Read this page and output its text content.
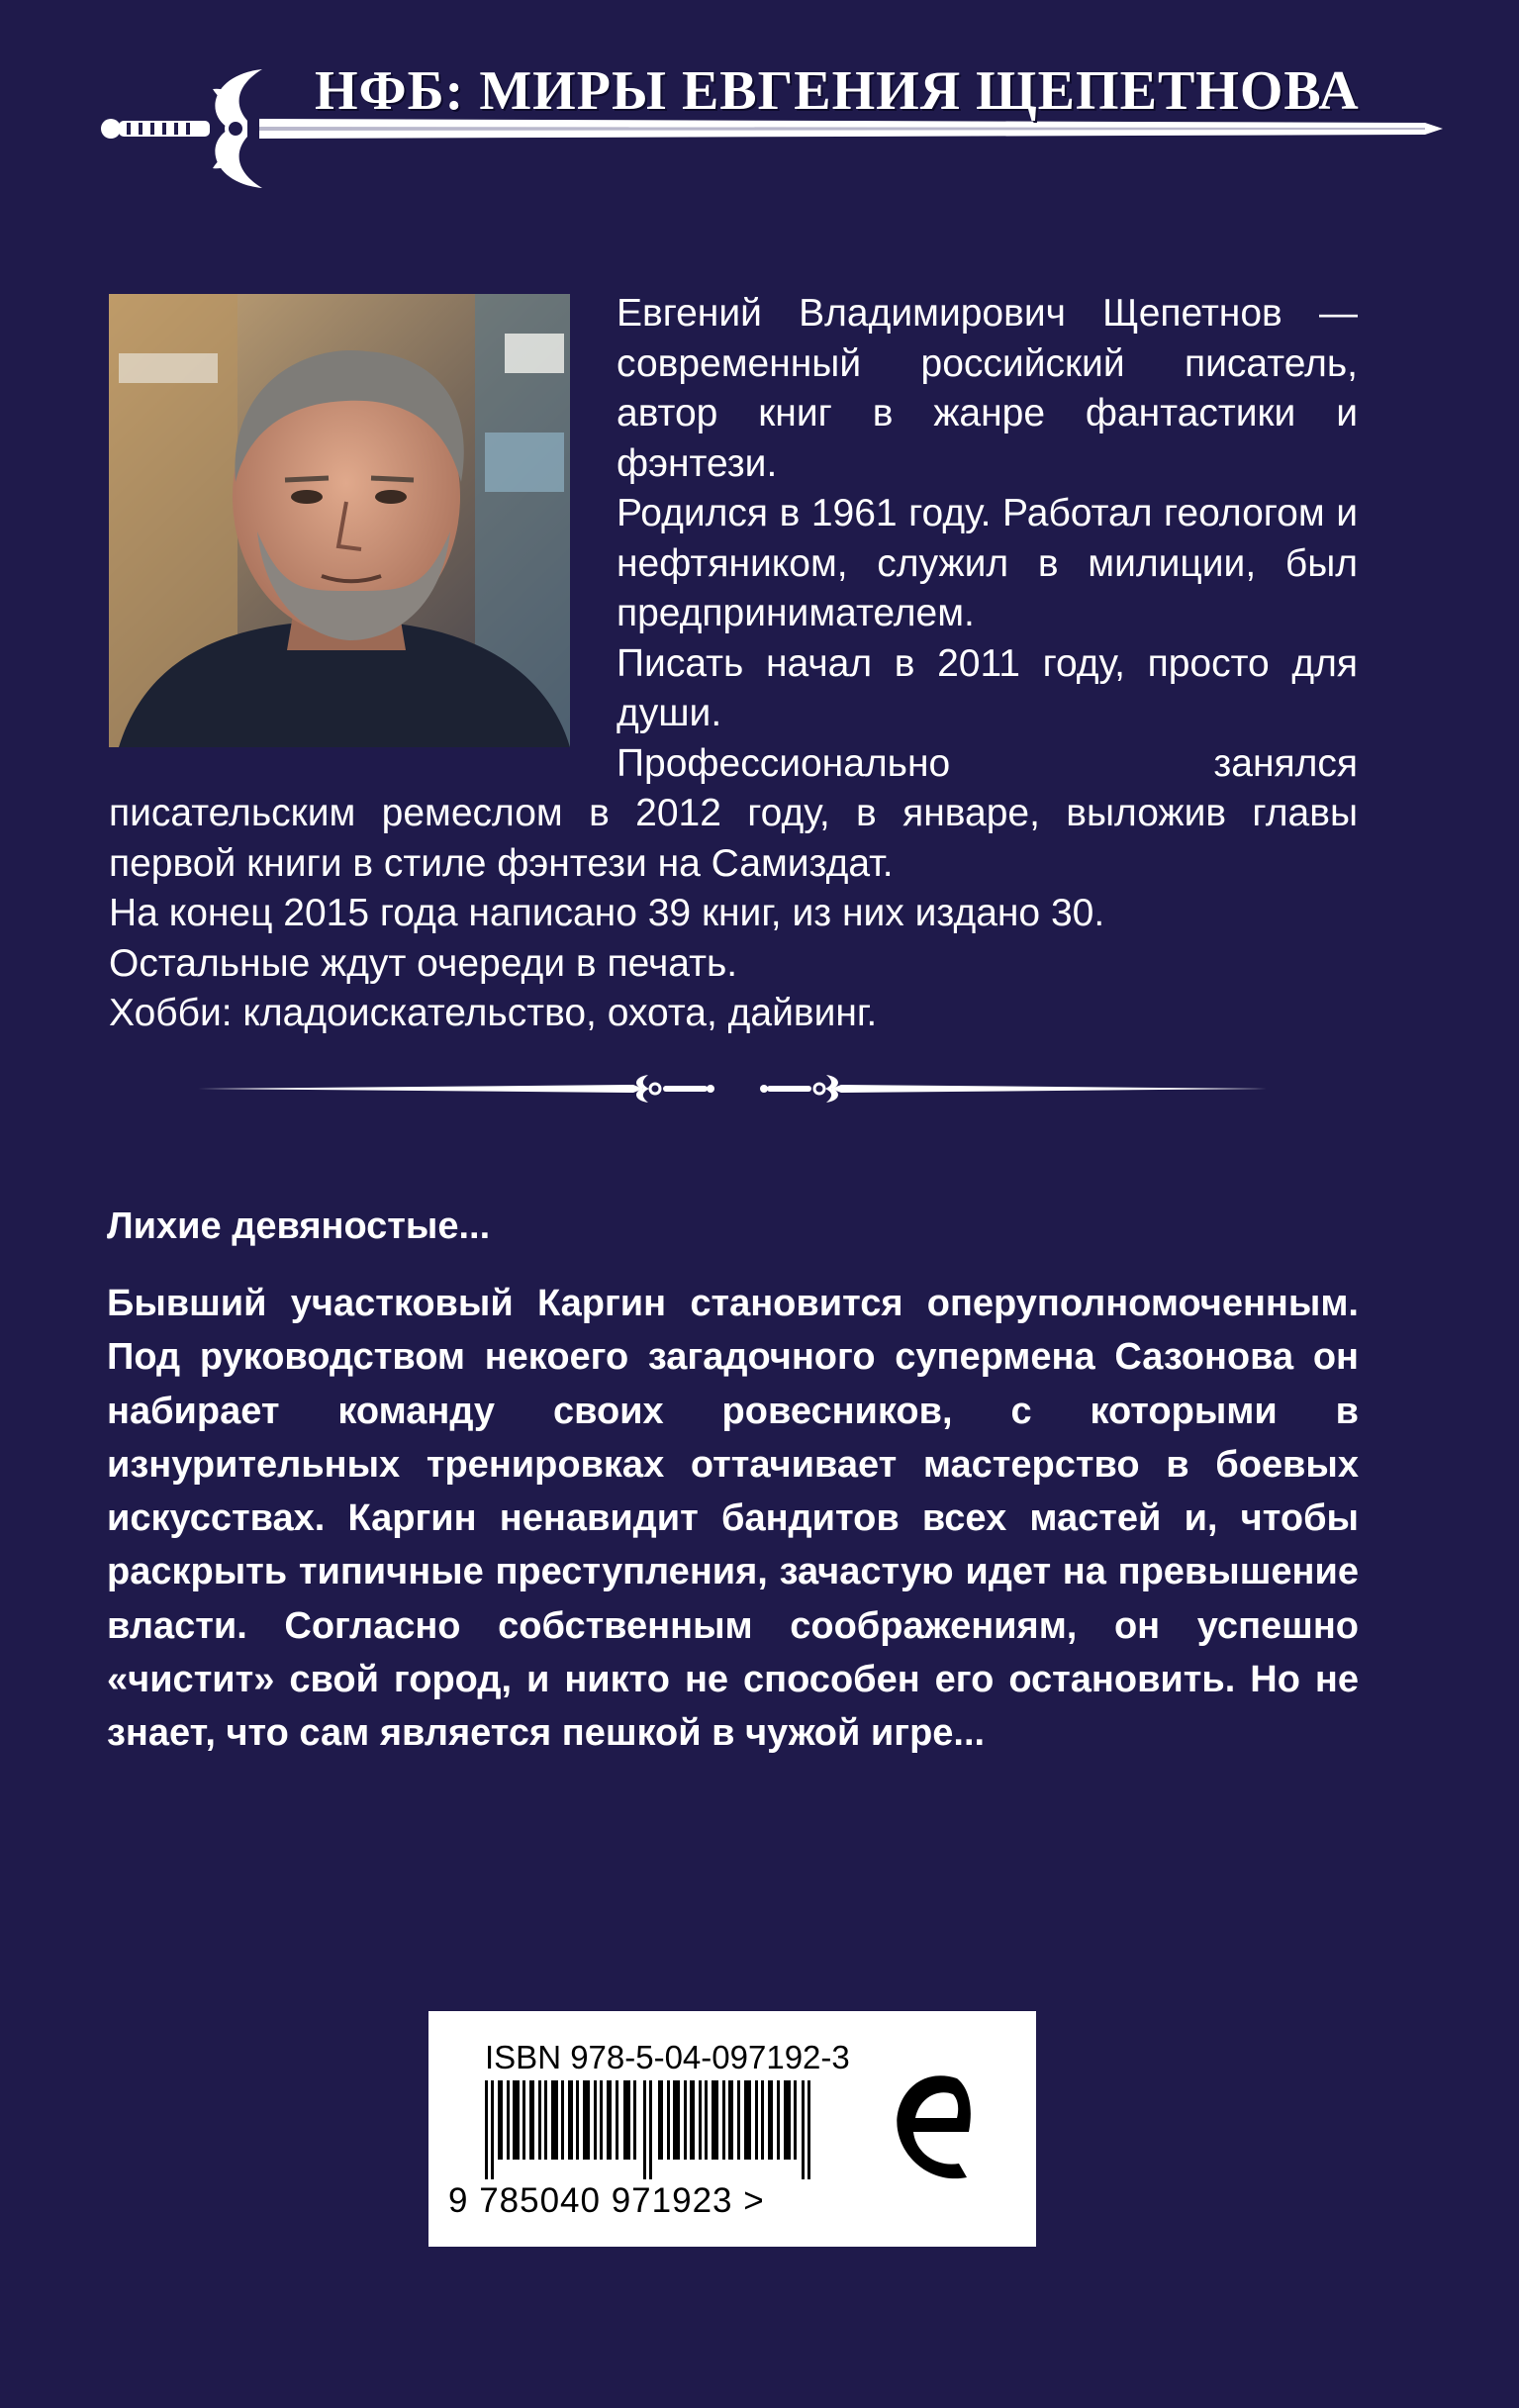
НФБ: МИРЫ ЕВГЕНИЯ ЩЕПЕТНОВА

Евгений Владимирович Щепетнов — современный российский писатель, автор книг в жанре фантастики и фэнтези.

Родился в 1961 году. Работал геологом и нефтяником, служил в милиции, был предпринимателем.

Писать начал в 2011 году, просто для души.

Профессионально занялся писательским ремеслом в 2012 году, в январе, выложив главы первой книги в стиле фэнтези на Самиздат.

На конец 2015 года написано 39 книг, из них издано 30.

Остальные ждут очереди в печать.

Хобби: кладоискательство, охота, дайвинг.

Лихие девяностые...

Бывший участковый Каргин становится оперуполномоченным. Под руководством некоего загадочного супермена Сазонова он набирает команду своих ровесников, с которыми в изнурительных тренировках оттачивает мастерство в боевых искусствах. Каргин ненавидит бандитов всех мастей и, чтобы раскрыть типичные преступления, зачастую идет на превышение власти. Согласно собственным соображениям, он успешно «чистит» свой город, и никто не способен его остановить. Но не знает, что сам является пешкой в чужой игре...

ISBN 978-5-04-097192-3
9 785040 971923 >
